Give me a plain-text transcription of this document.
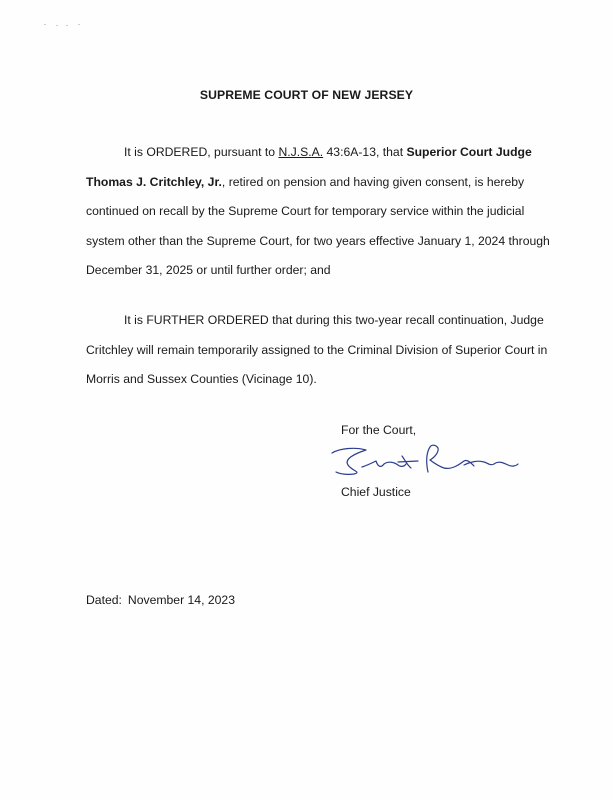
SUPREME COURT OF NEW JERSEY

It is ORDERED, pursuant to N.J.S.A. 43:6A-13, that Superior Court Judge Thomas J. Critchley, Jr., retired on pension and having given consent, is hereby continued on recall by the Supreme Court for temporary service within the judicial system other than the Supreme Court, for two years effective January 1, 2024 through December 31, 2025 or until further order; and

It is FURTHER ORDERED that during this two-year recall continuation, Judge Critchley will remain temporarily assigned to the Criminal Division of Superior Court in Morris and Sussex Counties (Vicinage 10).

For the Court,

Chief Justice

Dated: November 14, 2023
